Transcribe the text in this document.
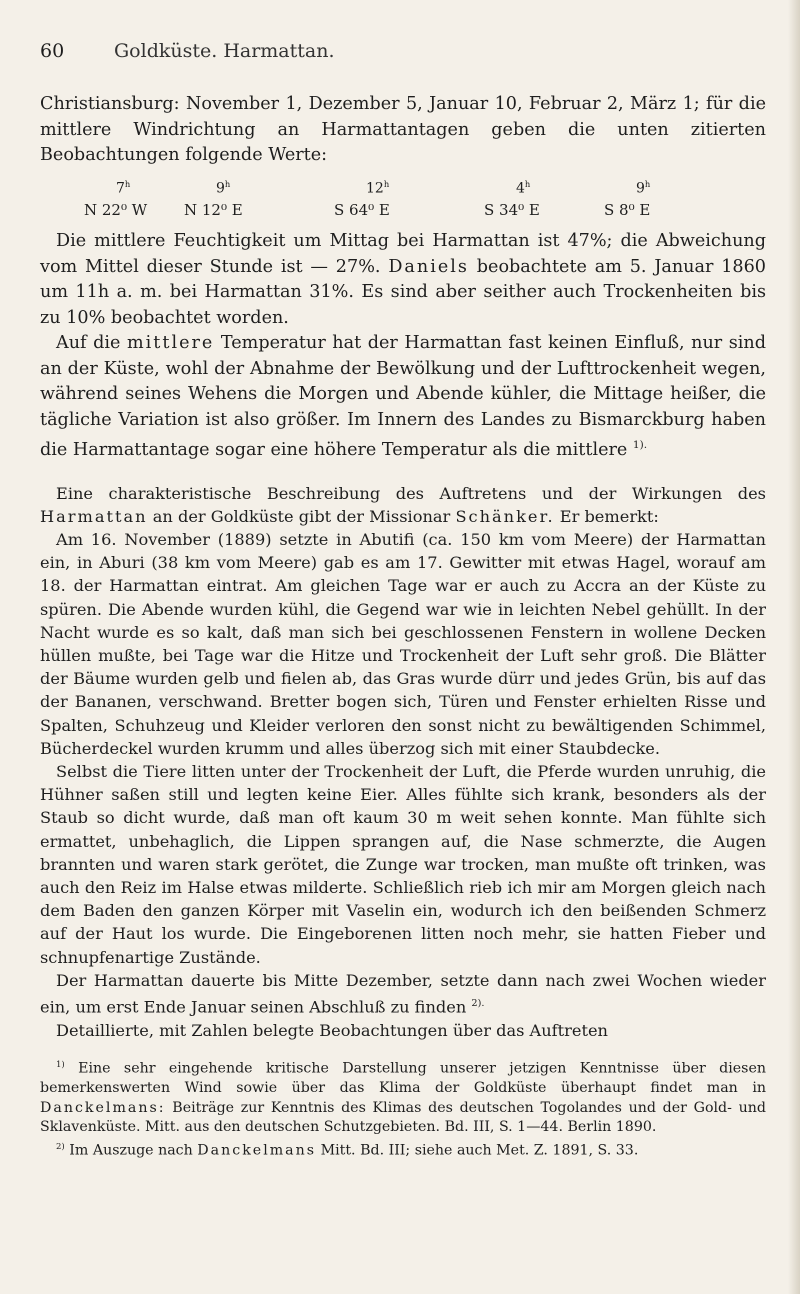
60	Goldküste. Harmattan.

Christiansburg: November 1, Dezember 5, Januar 10, Februar 2, März 1; für die mittlere Windrichtung an Harmattantagen geben die unten zitierten Beobachtungen folgende Werte:

7$^h$	9$^h$	12$^h$	4$^h$	9$^h$
N 22⁰ W	N 12⁰ E	S 64⁰ E	S 34⁰ E	S 8⁰ E

Die mittlere Feuchtigkeit um Mittag bei Harmattan ist 47%; die Abweichung vom Mittel dieser Stunde ist — 27%. Daniels beobachtete am 5. Januar 1860 um 11h a. m. bei Harmattan 31%. Es sind aber seither auch Trockenheiten bis zu 10% beobachtet worden.

Auf die mittlere Temperatur hat der Harmattan fast keinen Einfluß, nur sind an der Küste, wohl der Abnahme der Bewölkung und der Lufttrockenheit wegen, während seines Wehens die Morgen und Abende kühler, die Mittage heißer, die tägliche Variation ist also größer. Im Innern des Landes zu Bismarckburg haben die Harmattantage sogar eine höhere Temperatur als die mittlere $^{1).}$

Eine charakteristische Beschreibung des Auftretens und der Wirkungen des Harmattan an der Goldküste gibt der Missionar Schänker. Er bemerkt:

Am 16. November (1889) setzte in Abutifi (ca. 150 km vom Meere) der Harmattan ein, in Aburi (38 km vom Meere) gab es am 17. Gewitter mit etwas Hagel, worauf am 18. der Harmattan eintrat. Am gleichen Tage war er auch zu Accra an der Küste zu spüren. Die Abende wurden kühl, die Gegend war wie in leichten Nebel gehüllt. In der Nacht wurde es so kalt, daß man sich bei geschlossenen Fenstern in wollene Decken hüllen mußte, bei Tage war die Hitze und Trockenheit der Luft sehr groß. Die Blätter der Bäume wurden gelb und fielen ab, das Gras wurde dürr und jedes Grün, bis auf das der Bananen, verschwand. Bretter bogen sich, Türen und Fenster erhielten Risse und Spalten, Schuhzeug und Kleider verloren den sonst nicht zu bewältigenden Schimmel, Bücherdeckel wurden krumm und alles überzog sich mit einer Staubdecke.

Selbst die Tiere litten unter der Trockenheit der Luft, die Pferde wurden unruhig, die Hühner saßen still und legten keine Eier. Alles fühlte sich krank, besonders als der Staub so dicht wurde, daß man oft kaum 30 m weit sehen konnte. Man fühlte sich ermattet, unbehaglich, die Lippen sprangen auf, die Nase schmerzte, die Augen brannten und waren stark gerötet, die Zunge war trocken, man mußte oft trinken, was auch den Reiz im Halse etwas milderte. Schließlich rieb ich mir am Morgen gleich nach dem Baden den ganzen Körper mit Vaselin ein, wodurch ich den beißenden Schmerz auf der Haut los wurde. Die Eingeborenen litten noch mehr, sie hatten Fieber und schnupfenartige Zustände.

Der Harmattan dauerte bis Mitte Dezember, setzte dann nach zwei Wochen wieder ein, um erst Ende Januar seinen Abschluß zu finden $^{2).}$

Detaillierte, mit Zahlen belegte Beobachtungen über das Auftreten

$^{1)}$ Eine sehr eingehende kritische Darstellung unserer jetzigen Kenntnisse über diesen bemerkenswerten Wind sowie über das Klima der Goldküste überhaupt findet man in Danckelmans: Beiträge zur Kenntnis des Klimas des deutschen Togolandes und der Gold- und Sklavenküste. Mitt. aus den deutschen Schutzgebieten. Bd. III, S. 1—44. Berlin 1890.

$^{2)}$ Im Auszuge nach Danckelmans Mitt. Bd. III; siehe auch Met. Z. 1891, S. 33.
